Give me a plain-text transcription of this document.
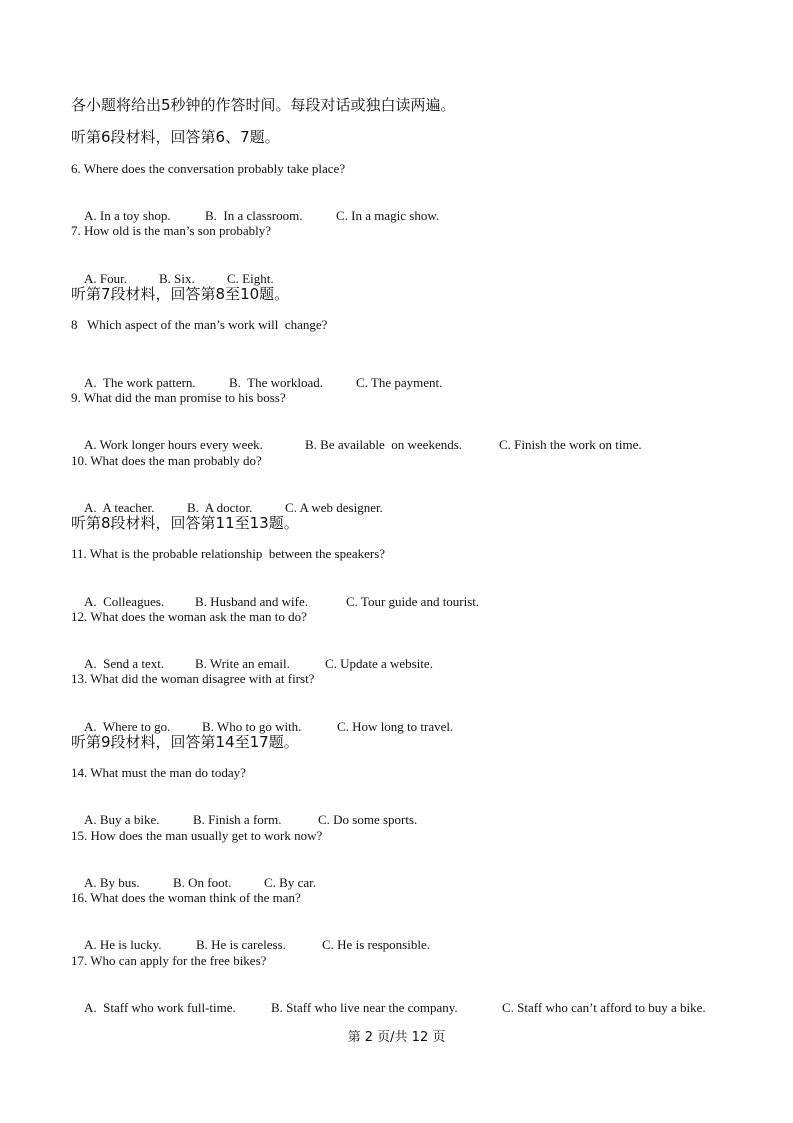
各小题将给出5秒钟的作答时间。每段对话或独白读两遍。
听第6段材料，回答第6、7题。
6. Where does the conversation probably take place?

A. In a toy shop.	B.  In a classroom.	C. In a magic show.

7. How old is the man’s son probably?

A. Four. B. Six. C. Eight.

听第7段材料，回答第8至10题。
8   Which aspect of the man’s work will  change?

A.  The work pattern.	B.  The workload.	C. The payment.

9. What did the man promise to his boss?

A. Work longer hours every week.	B. Be available  on weekends.	C. Finish the work on time.

10. What does the man probably do?

A.  A teacher.	B.  A doctor.	C. A web designer.

听第8段材料，回答第11至13题。
11. What is the probable relationship  between the speakers?

A.  Colleagues. B. Husband and wife.	C. Tour guide and tourist.

12. What does the woman ask the man to do?

A.  Send a text. B. Write an email.	C. Update a website.

13. What did the woman disagree with at first?

A.  Where to go. B. Who to go with.	C. How long to travel.

听第9段材料，回答第14至17题。
14. What must the man do today?

A. Buy a bike.	B. Finish a form.	C. Do some sports.

15. How does the man usually get to work now?

A. By bus.	B. On foot.	C. By car.

16. What does the woman think of the man?

A. He is lucky.	B. He is careless.	C. He is responsible.

17. Who can apply for the free bikes?

A.  Staff who work full-time.	B. Staff who live near the company.	C. Staff who can’t afford to buy a bike.

第 2 页/共 12 页
